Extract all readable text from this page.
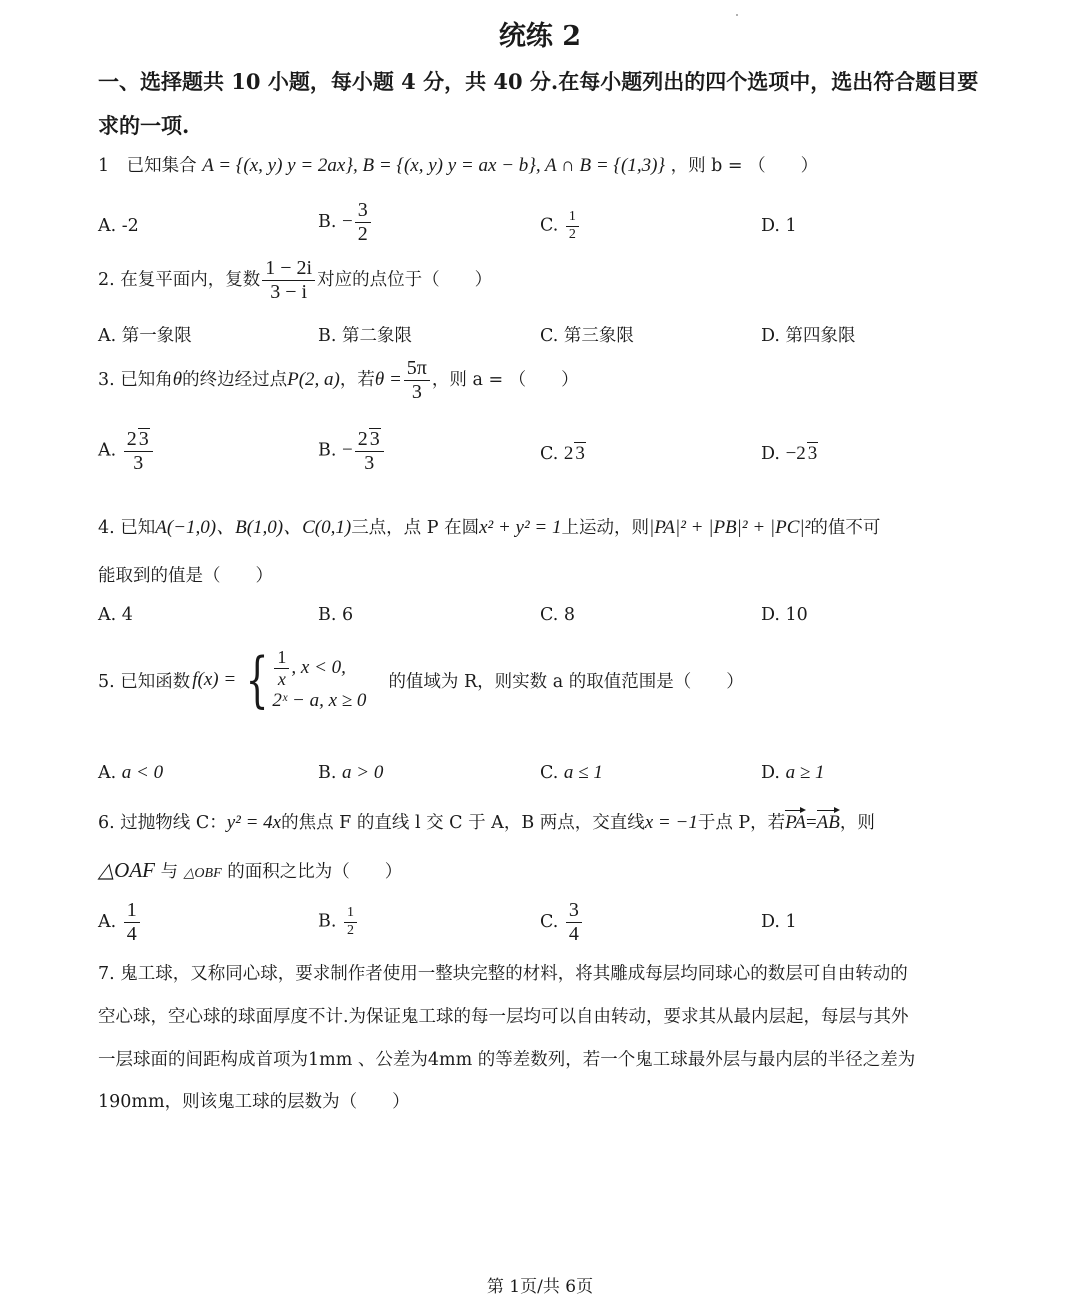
统练 2
一、选择题共 10 小题，每小题 4 分，共 40 分.在每小题列出的四个选项中，选出符合题目要
求的一项.
1　已知集合 A = {(x, y) y = 2ax}, B = {(x, y) y = ax − b}, A ∩ B = {(1,3)} ，则 b = （　　）
A. -2	B. − $\frac{3}{2}$	C. $\frac{1}{2}$	D. 1
2. 在复平面内，复数 $\frac{1 - 2i}{3 - i}$ 对应的点位于（　　）
A. 第一象限	B. 第二象限	C. 第三象限	D. 第四象限
3. 已知角θ的终边经过点P(2, a)，若$\theta = \frac{5\pi}{3}$ ，则 a = （　　）
A. $\frac{2 3}{3}$	B. − $\frac{2 3}{3}$	C. 2 3	D. −2 3
4. 已知A(−1,0)、B(1,0)、C(0,1)三点，点 P 在圆x² + y² = 1上运动，则|PA|² + |PB|² + |PC|²的值不可
能取到的值是（　　）
A. 4	B. 6	C. 8	D. 10
5. 已知函数 f(x) = { $\frac{1}{x}$ , x < 0,
2ˣ − a, x ≥ 0
的值域为 R，则实数 a 的取值范围是（　　）
A. a < 0	B. a > 0	C. a ≤ 1	D. a ≥ 1
6. 过抛物线 C：y² = 4x的焦点 F 的直线 l 交 C 于 A，B 两点，交直线x = −1于点 P，若PA=AB，则
△OAF 与 △OBF 的面积之比为（　　）
A. $\frac{1}{4}$	B. $\frac{1}{2}$	C. $\frac{3}{4}$	D. 1
7. 鬼工球，又称同心球，要求制作者使用一整块完整的材料，将其雕成每层均同球心的数层可自由转动的
空心球，空心球的球面厚度不计.为保证鬼工球的每一层均可以自由转动，要求其从最内层起，每层与其外
一层球面的间距构成首项为1mm 、公差为4mm 的等差数列，若一个鬼工球最外层与最内层的半径之差为
190mm，则该鬼工球的层数为（　　）
第 1页/共 6页
